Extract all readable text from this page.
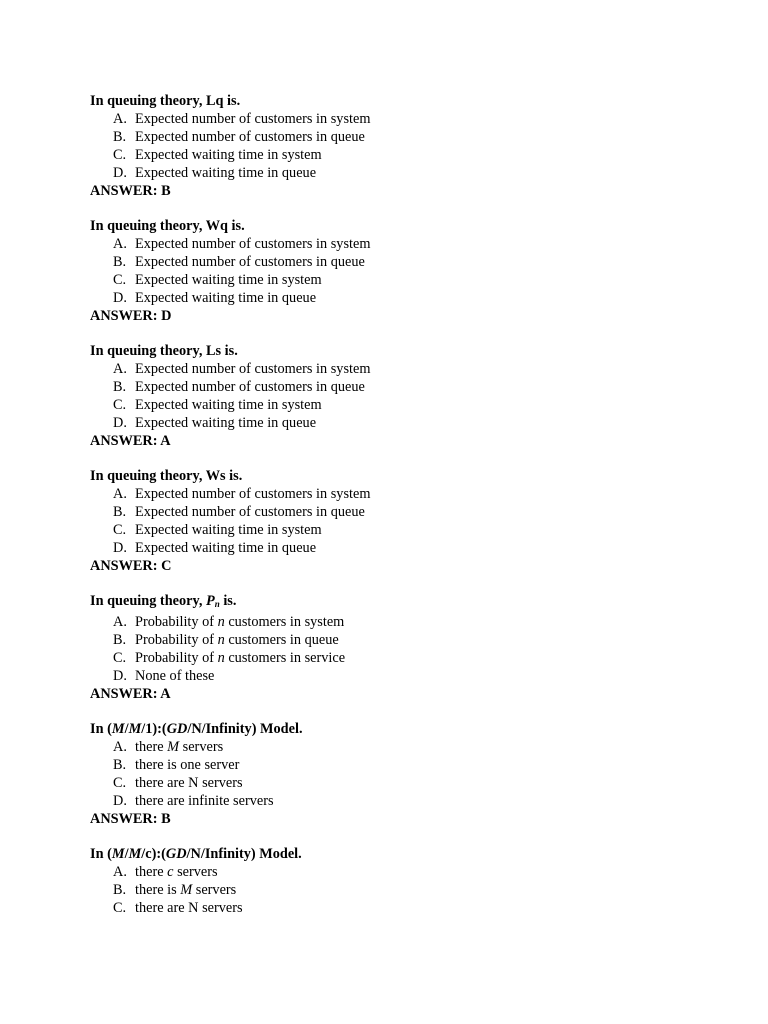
In queuing theory, Lq is.
A. Expected number of customers in system
B. Expected number of customers in queue
C. Expected waiting time in system
D. Expected waiting time in queue
ANSWER: B
In queuing theory, Wq is.
A. Expected number of customers in system
B. Expected number of customers in queue
C. Expected waiting time in system
D. Expected waiting time in queue
ANSWER: D
In queuing theory, Ls is.
A. Expected number of customers in system
B. Expected number of customers in queue
C. Expected waiting time in system
D. Expected waiting time in queue
ANSWER: A
In queuing theory, Ws is.
A. Expected number of customers in system
B. Expected number of customers in queue
C. Expected waiting time in system
D. Expected waiting time in queue
ANSWER: C
In queuing theory, $P_n$ is.
A. Probability of n customers in system
B. Probability of n customers in queue
C. Probability of n customers in service
D. None of these
ANSWER: A
In (M/M/1):(GD/N/Infinity) Model.
A. there M servers
B. there is one server
C. there are N servers
D. there are infinite servers
ANSWER: B
In (M/M/c):(GD/N/Infinity) Model.
A. there c servers
B. there is M servers
C. there are N servers
